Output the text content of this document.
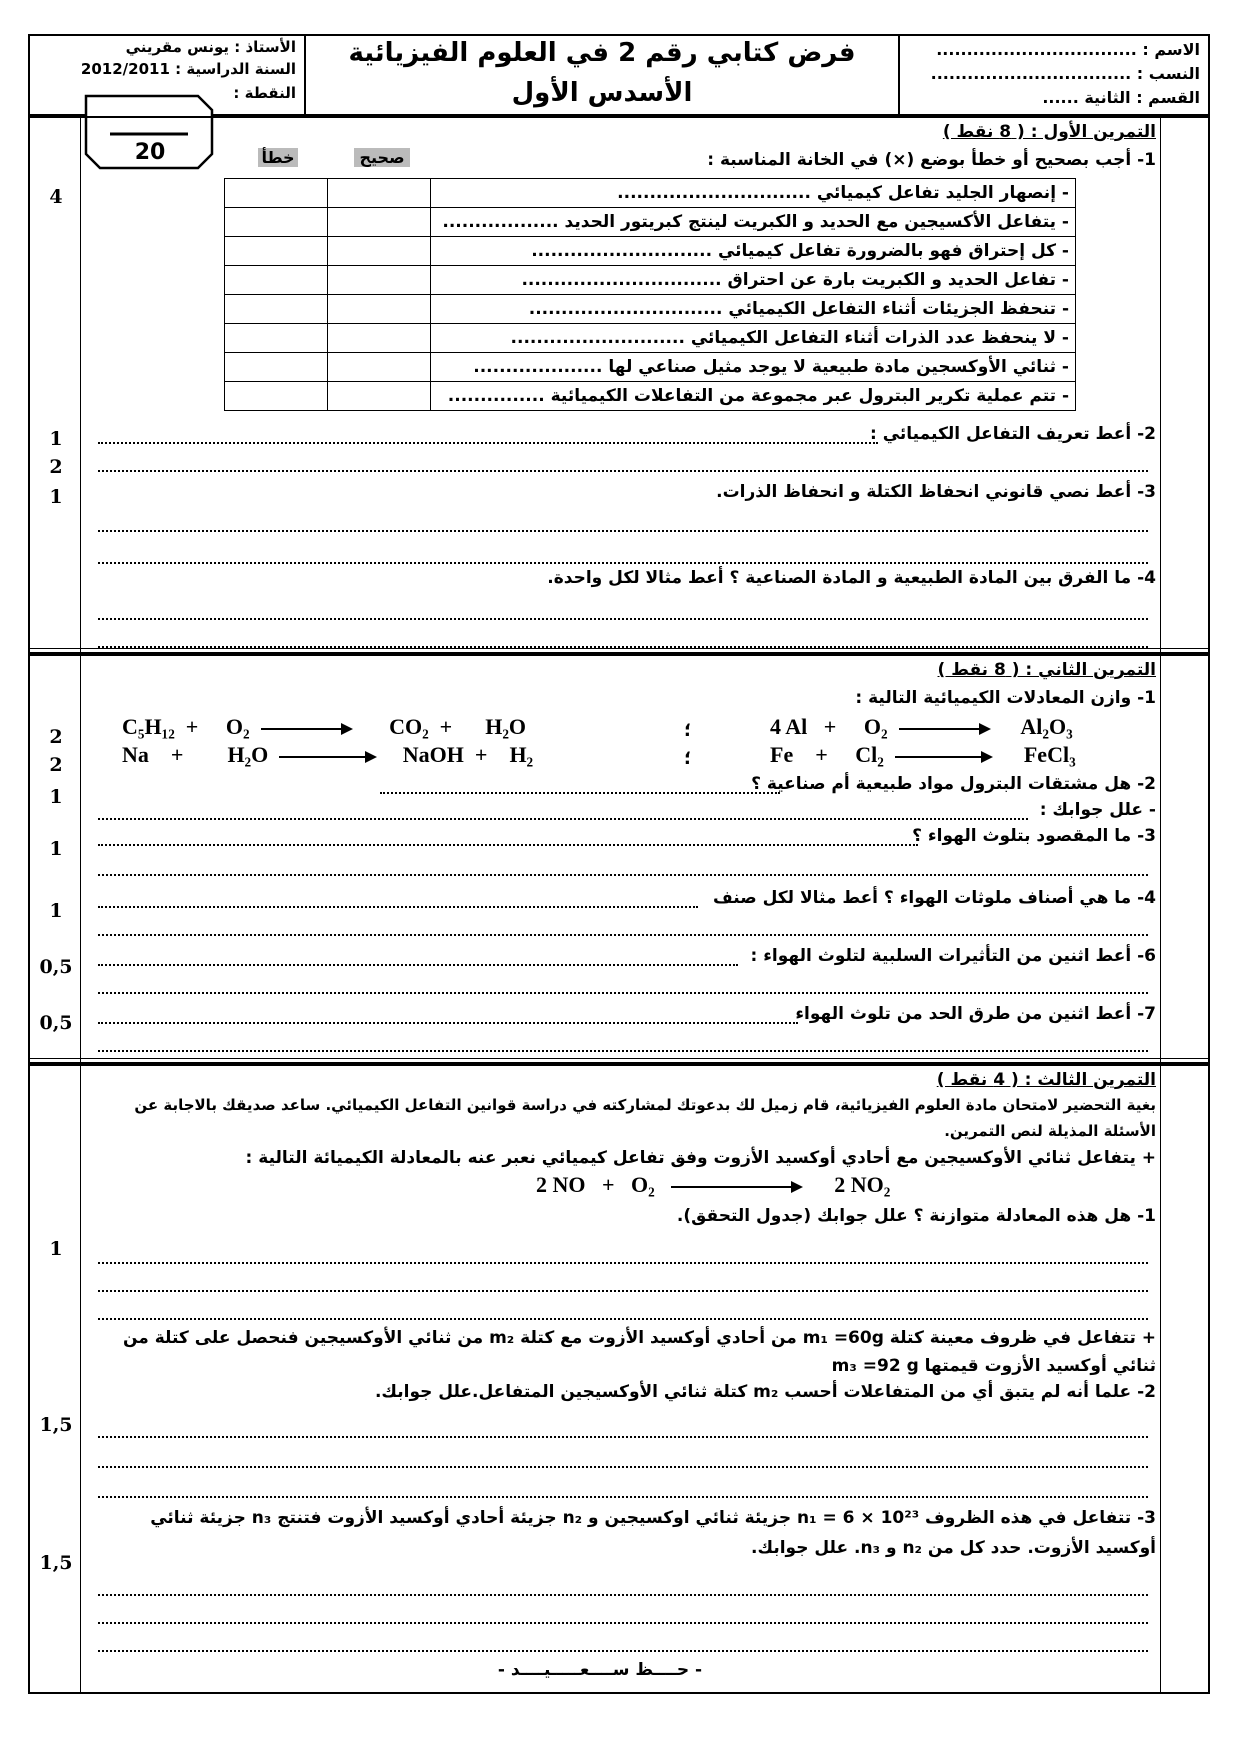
الاسم : .................................
النسب : .................................
القسم : الثانية ......
فرض كتابي رقم 2 في العلوم الفيزيائية
الأسدس الأول
الأستاذ : يونس مقريني
السنة الدراسية : 2012/2011
النقطة :
20
التمرين الأول : ( 8 نقط )
1- أجب بصحيح أو خطأ بوضع (×) في الخانة المناسبة :
صحيح
خطأ
		- إنصهار الجليد تفاعل كيميائي ..............................
		- يتفاعل الأكسيجين مع الحديد و الكبريت لينتج كبريتور الحديد ..................
		- كل إحتراق فهو بالضرورة تفاعل كيميائي ............................
		- تفاعل الحديد و الكبريت بارة عن احتراق ...............................
		- تنحفظ الجزيئات أثناء التفاعل الكيميائي ..............................
		- لا ينحفظ عدد الذرات أثناء التفاعل الكيميائي ...........................
		- ثنائي الأوكسجين مادة طبيعية لا يوجد مثيل صناعي لها ....................
		- تتم عملية تكرير البترول عبر مجموعة من التفاعلات الكيميائية ...............
2- أعط تعريف التفاعل الكيميائي :
3- أعط نصي قانوني انحفاظ الكتلة و انحفاظ الذرات.
4- ما الفرق بين المادة الطبيعية و المادة الصناعية ؟ أعط مثالا لكل واحدة.
4
1
2
1
التمرين الثاني : ( 8 نقط )
1- وازن المعادلات الكيميائية التالية :
C₅H₁₂ + O₂	CO₂ + H₂O	؛	4 Al + O₂	Al₂O₃
Na + H₂O	NaOH + H₂	؛	Fe + Cl₂	FeCl₃
2- هل مشتقات البترول مواد طبيعية أم صناعية ؟
- علل جوابك :
3- ما المقصود بتلوث الهواء ؟
4- ما هي أصناف ملوثات الهواء ؟ أعط مثالا لكل صنف
6- أعط اثنين من التأثيرات السلبية لتلوث الهواء :
7- أعط اثنين من طرق الحد من تلوث الهواء
2
2
1
1
1
0,5
0,5
التمرين الثالث : ( 4 نقط )
بغية التحضير لامتحان مادة العلوم الفيزيائية، قام زميل لك بدعوتك لمشاركته في دراسة قوانين التفاعل الكيميائي. ساعد صديقك بالاجابة عن
الأسئلة المذيلة لنص التمرين.
+ يتفاعل ثنائي الأوكسيجين مع أحادي أوكسيد الأزوت وفق تفاعل كيميائي نعبر عنه بالمعادلة الكيميائة التالية :
2 NO + O₂	2 NO₂
1- هل هذه المعادلة متوازنة ؟ علل جوابك (جدول التحقق).
+ تتفاعل في ظروف معينة كتلة m₁ =60g من أحادي أوكسيد الأزوت مع كتلة m₂ من ثنائي الأوكسيجين فنحصل على كتلة من
ثنائي أوكسيد الأزوت قيمتها m₃ =92 g
2- علما أنه لم يتبق أي من المتفاعلات أحسب m₂ كتلة ثنائي الأوكسيجين المتفاعل.علل جوابك.
3- تتفاعل في هذه الظروف n₁ = 6 × 10²³ جزيئة ثنائي اوكسيجين و n₂ جزيئة أحادي أوكسيد الأزوت فتنتج n₃ جزيئة ثنائي
أوكسيد الأزوت. حدد كل من n₂ و n₃. علل جوابك.
- حــــظ ســــعـــــيــــد -
1
1,5
1,5
